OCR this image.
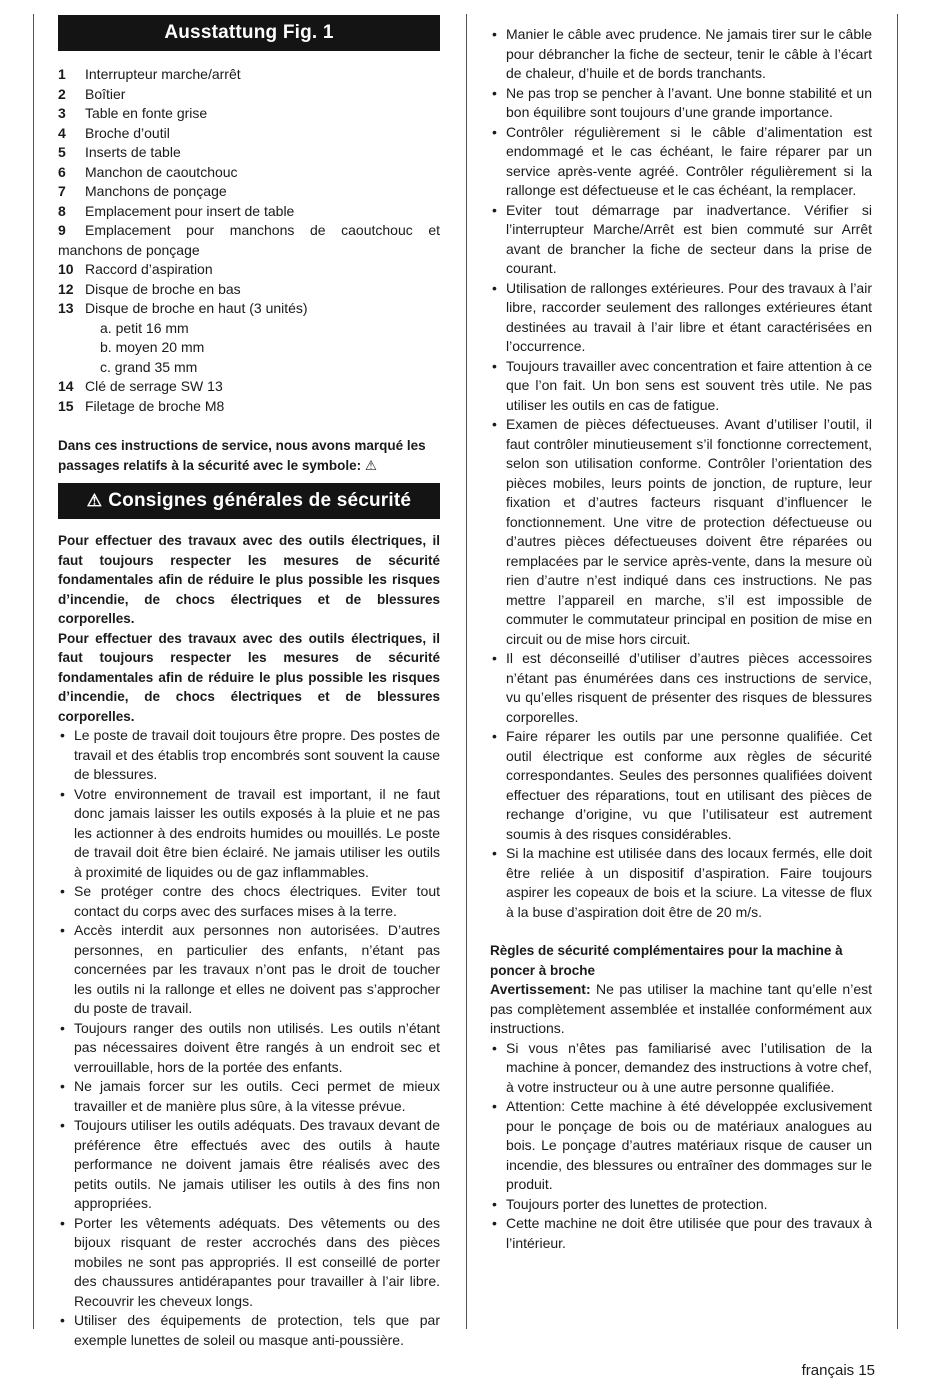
Ausstattung Fig. 1
1 Interrupteur marche/arrêt
2 Boîtier
3 Table en fonte grise
4 Broche d’outil
5 Inserts de table
6 Manchon de caoutchouc
7 Manchons de ponçage
8 Emplacement pour insert de table
9 Emplacement pour manchons de caoutchouc et manchons de ponçage
10 Raccord d’aspiration
12 Disque de broche en bas
13 Disque de broche en haut (3 unités)
a. petit 16 mm
b. moyen 20 mm
c. grand 35 mm
14 Clé de serrage SW 13
15 Filetage de broche M8

Dans ces instructions de service, nous avons marqué les passages relatifs à la sécurité avec le symbole: ⚠

⚠ Consignes générales de sécurité

Pour effectuer des travaux avec des outils électriques, il faut toujours respecter les mesures de sécurité fondamentales afin de réduire le plus possible les risques d’incendie, de chocs électriques et de blessures corporelles.

Pour effectuer des travaux avec des outils électriques, il faut toujours respecter les mesures de sécurité fondamentales afin de réduire le plus possible les risques d’incendie, de chocs électriques et de blessures corporelles.

• Le poste de travail doit toujours être propre. Des postes de travail et des établis trop encombrés sont souvent la cause de blessures.
• Votre environnement de travail est important, il ne faut donc jamais laisser les outils exposés à la pluie et ne pas les actionner à des endroits humides ou mouillés. Le poste de travail doit être bien éclairé. Ne jamais utiliser les outils à proximité de liquides ou de gaz inflammables.
• Se protéger contre des chocs électriques. Eviter tout contact du corps avec des surfaces mises à la terre.
• Accès interdit aux personnes non autorisées. D’autres personnes, en particulier des enfants, n’étant pas concernées par les travaux n’ont pas le droit de toucher les outils ni la rallonge et elles ne doivent pas s’approcher du poste de travail.
• Toujours ranger des outils non utilisés. Les outils n’étant pas nécessaires doivent être rangés à un endroit sec et verrouillable, hors de la portée des enfants.
• Ne jamais forcer sur les outils. Ceci permet de mieux travailler et de manière plus sûre, à la vitesse prévue.
• Toujours utiliser les outils adéquats. Des travaux devant de préférence être effectués avec des outils à haute performance ne doivent jamais être réalisés avec des petits outils. Ne jamais utiliser les outils à des fins non appropriées.
• Porter les vêtements adéquats. Des vêtements ou des bijoux risquant de rester accrochés dans des pièces mobiles ne sont pas appropriés. Il est conseillé de porter des chaussures antidérapantes pour travailler à l’air libre. Recouvrir les cheveux longs.
• Utiliser des équipements de protection, tels que par exemple lunettes de soleil ou masque anti-poussière.
• Manier le câble avec prudence. Ne jamais tirer sur le câble pour débrancher la fiche de secteur, tenir le câble à l’écart de chaleur, d’huile et de bords tranchants.
• Ne pas trop se pencher à l’avant. Une bonne stabilité et un bon équilibre sont toujours d’une grande importance.
• Contrôler régulièrement si le câble d’alimentation est endommagé et le cas échéant, le faire réparer par un service après-vente agréé. Contrôler régulièrement si la rallonge est défectueuse et le cas échéant, la remplacer.
• Eviter tout démarrage par inadvertance. Vérifier si l’interrupteur Marche/Arrêt est bien commuté sur Arrêt avant de brancher la fiche de secteur dans la prise de courant.
• Utilisation de rallonges extérieures. Pour des travaux à l’air libre, raccorder seulement des rallonges extérieures étant destinées au travail à l’air libre et étant caractérisées en l’occurrence.
• Toujours travailler avec concentration et faire attention à ce que l’on fait. Un bon sens est souvent très utile. Ne pas utiliser les outils en cas de fatigue.
• Examen de pièces défectueuses. Avant d’utiliser l’outil, il faut contrôler minutieusement s’il fonctionne correctement, selon son utilisation conforme. Contrôler l’orientation des pièces mobiles, leurs points de jonction, de rupture, leur fixation et d’autres facteurs risquant d’influencer le fonctionnement. Une vitre de protection défectueuse ou d’autres pièces défectueuses doivent être réparées ou remplacées par le service après-vente, dans la mesure où rien d’autre n’est indiqué dans ces instructions. Ne pas mettre l’appareil en marche, s’il est impossible de commuter le commutateur principal en position de mise en circuit ou de mise hors circuit.
• Il est déconseillé d’utiliser d’autres pièces accessoires n’étant pas énumérées dans ces instructions de service, vu qu’elles risquent de présenter des risques de blessures corporelles.
• Faire réparer les outils par une personne qualifiée. Cet outil électrique est conforme aux règles de sécurité correspondantes. Seules des personnes qualifiées doivent effectuer des réparations, tout en utilisant des pièces de rechange d’origine, vu que l’utilisateur est autrement soumis à des risques considérables.
• Si la machine est utilisée dans des locaux fermés, elle doit être reliée à un dispositif d’aspiration. Faire toujours aspirer les copeaux de bois et la sciure. La vitesse de flux à la buse d’aspiration doit être de 20 m/s.

Règles de sécurité complémentaires pour la machine à poncer à broche

Avertissement: Ne pas utiliser la machine tant qu’elle n’est pas complètement assemblée et installée conformément aux instructions.

• Si vous n’êtes pas familiarisé avec l’utilisation de la machine à poncer, demandez des instructions à votre chef, à votre instructeur ou à une autre personne qualifiée.
• Attention: Cette machine à été développée exclusivement pour le ponçage de bois ou de matériaux analogues au bois. Le ponçage d’autres matériaux risque de causer un incendie, des blessures ou entraîner des dommages sur le produit.
• Toujours porter des lunettes de protection.
• Cette machine ne doit être utilisée que pour des travaux à l’intérieur.
français 15
